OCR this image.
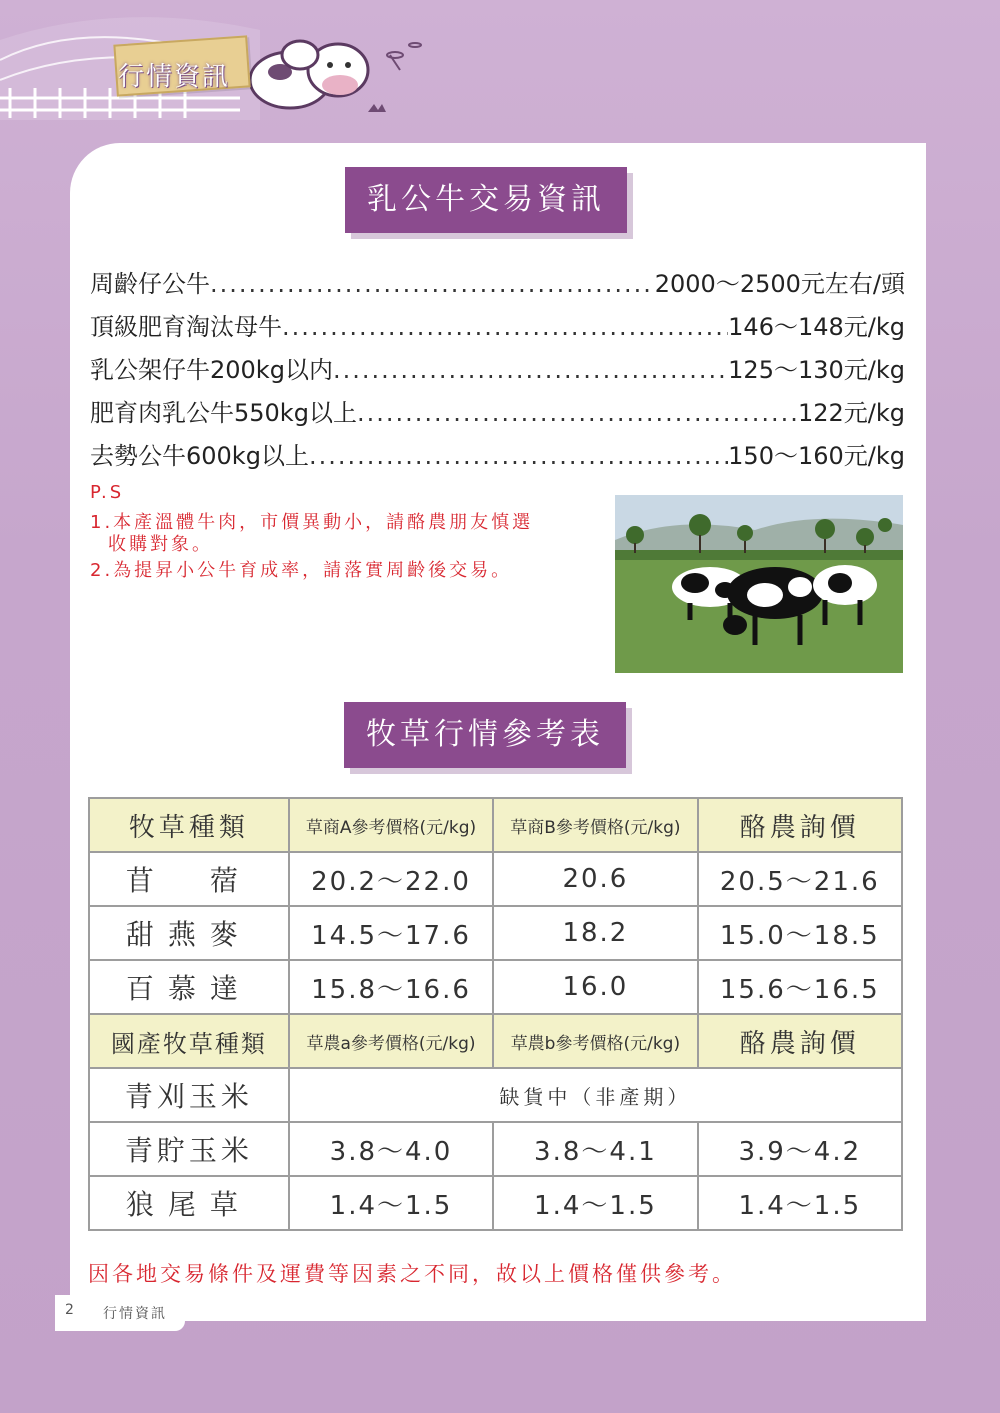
行情資訊
乳公牛交易資訊
周齡仔公牛 .....	2000～2500元左右/頭
頂級肥育淘汰母牛 .....	146～148元/kg
乳公架仔牛200kg以内 .....	125～130元/kg
肥育肉乳公牛550kg以上 .....	122元/kg
去勢公牛600kg以上 .....	150～160元/kg
P.S
1.本產溫體牛肉，市價異動小，請酪農朋友慎選
收購對象。
2.為提昇小公牛育成率，請落實周齡後交易。
牧草行情參考表
牧草種類	草商A參考價格(元/kg)	草商B參考價格(元/kg)	酪農詢價
苜　蓿	20.2～22.0	20.6	20.5～21.6
甜燕麥	14.5～17.6	18.2	15.0～18.5
百慕達	15.8～16.6	16.0	15.6～16.5
國產牧草種類	草農a參考價格(元/kg)	草農b參考價格(元/kg)	酪農詢價
青刈玉米	缺貨中（非產期）		
青貯玉米	3.8～4.0	3.8～4.1	3.9～4.2
狼尾草	1.4～1.5	1.4～1.5	1.4～1.5
因各地交易條件及運費等因素之不同，故以上價格僅供參考。
2 行情資訊
